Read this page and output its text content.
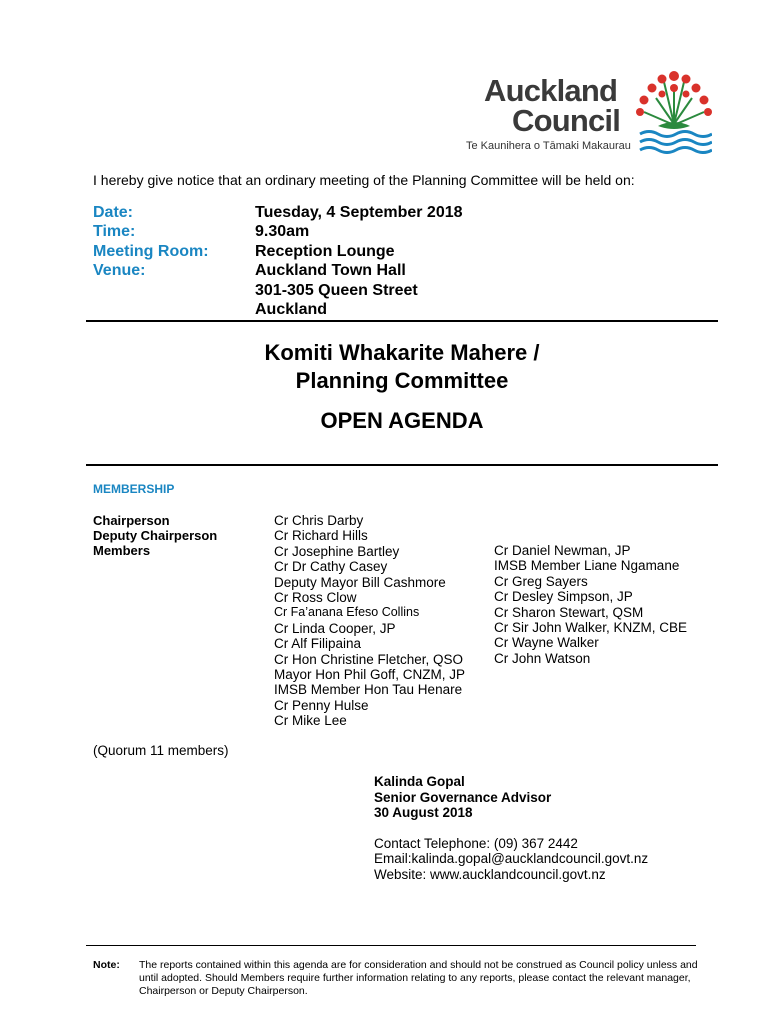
Auckland
Council
Te Kaunihera o Tāmaki Makaurau
I hereby give notice that an ordinary meeting of the Planning Committee will be held on:
Date:
Time:
Meeting Room:
Venue:
Tuesday, 4 September 2018
9.30am
Reception Lounge
Auckland Town Hall
301-305 Queen Street
Auckland
Komiti Whakarite Mahere /
Planning Committee
OPEN AGENDA
MEMBERSHIP
Chairperson
Deputy Chairperson
Members
Cr Chris Darby
Cr Richard Hills
Cr Josephine Bartley
Cr Dr Cathy Casey
Deputy Mayor Bill Cashmore
Cr Ross Clow
Cr Fa’anana Efeso Collins
Cr Linda Cooper, JP
Cr Alf Filipaina
Cr Hon Christine Fletcher, QSO
Mayor Hon Phil Goff, CNZM, JP
IMSB Member Hon Tau Henare
Cr Penny Hulse
Cr Mike Lee
Cr Daniel Newman, JP
IMSB Member Liane Ngamane
Cr Greg Sayers
Cr Desley Simpson, JP
Cr Sharon Stewart, QSM
Cr Sir John Walker, KNZM, CBE
Cr Wayne Walker
Cr John Watson
(Quorum 11 members)
Kalinda Gopal
Senior Governance Advisor
30 August 2018
Contact Telephone: (09) 367 2442
Email:kalinda.gopal@aucklandcouncil.govt.nz
Website: www.aucklandcouncil.govt.nz
Note: The reports contained within this agenda are for consideration and should not be construed as Council policy unless and until adopted. Should Members require further information relating to any reports, please contact the relevant manager, Chairperson or Deputy Chairperson.
